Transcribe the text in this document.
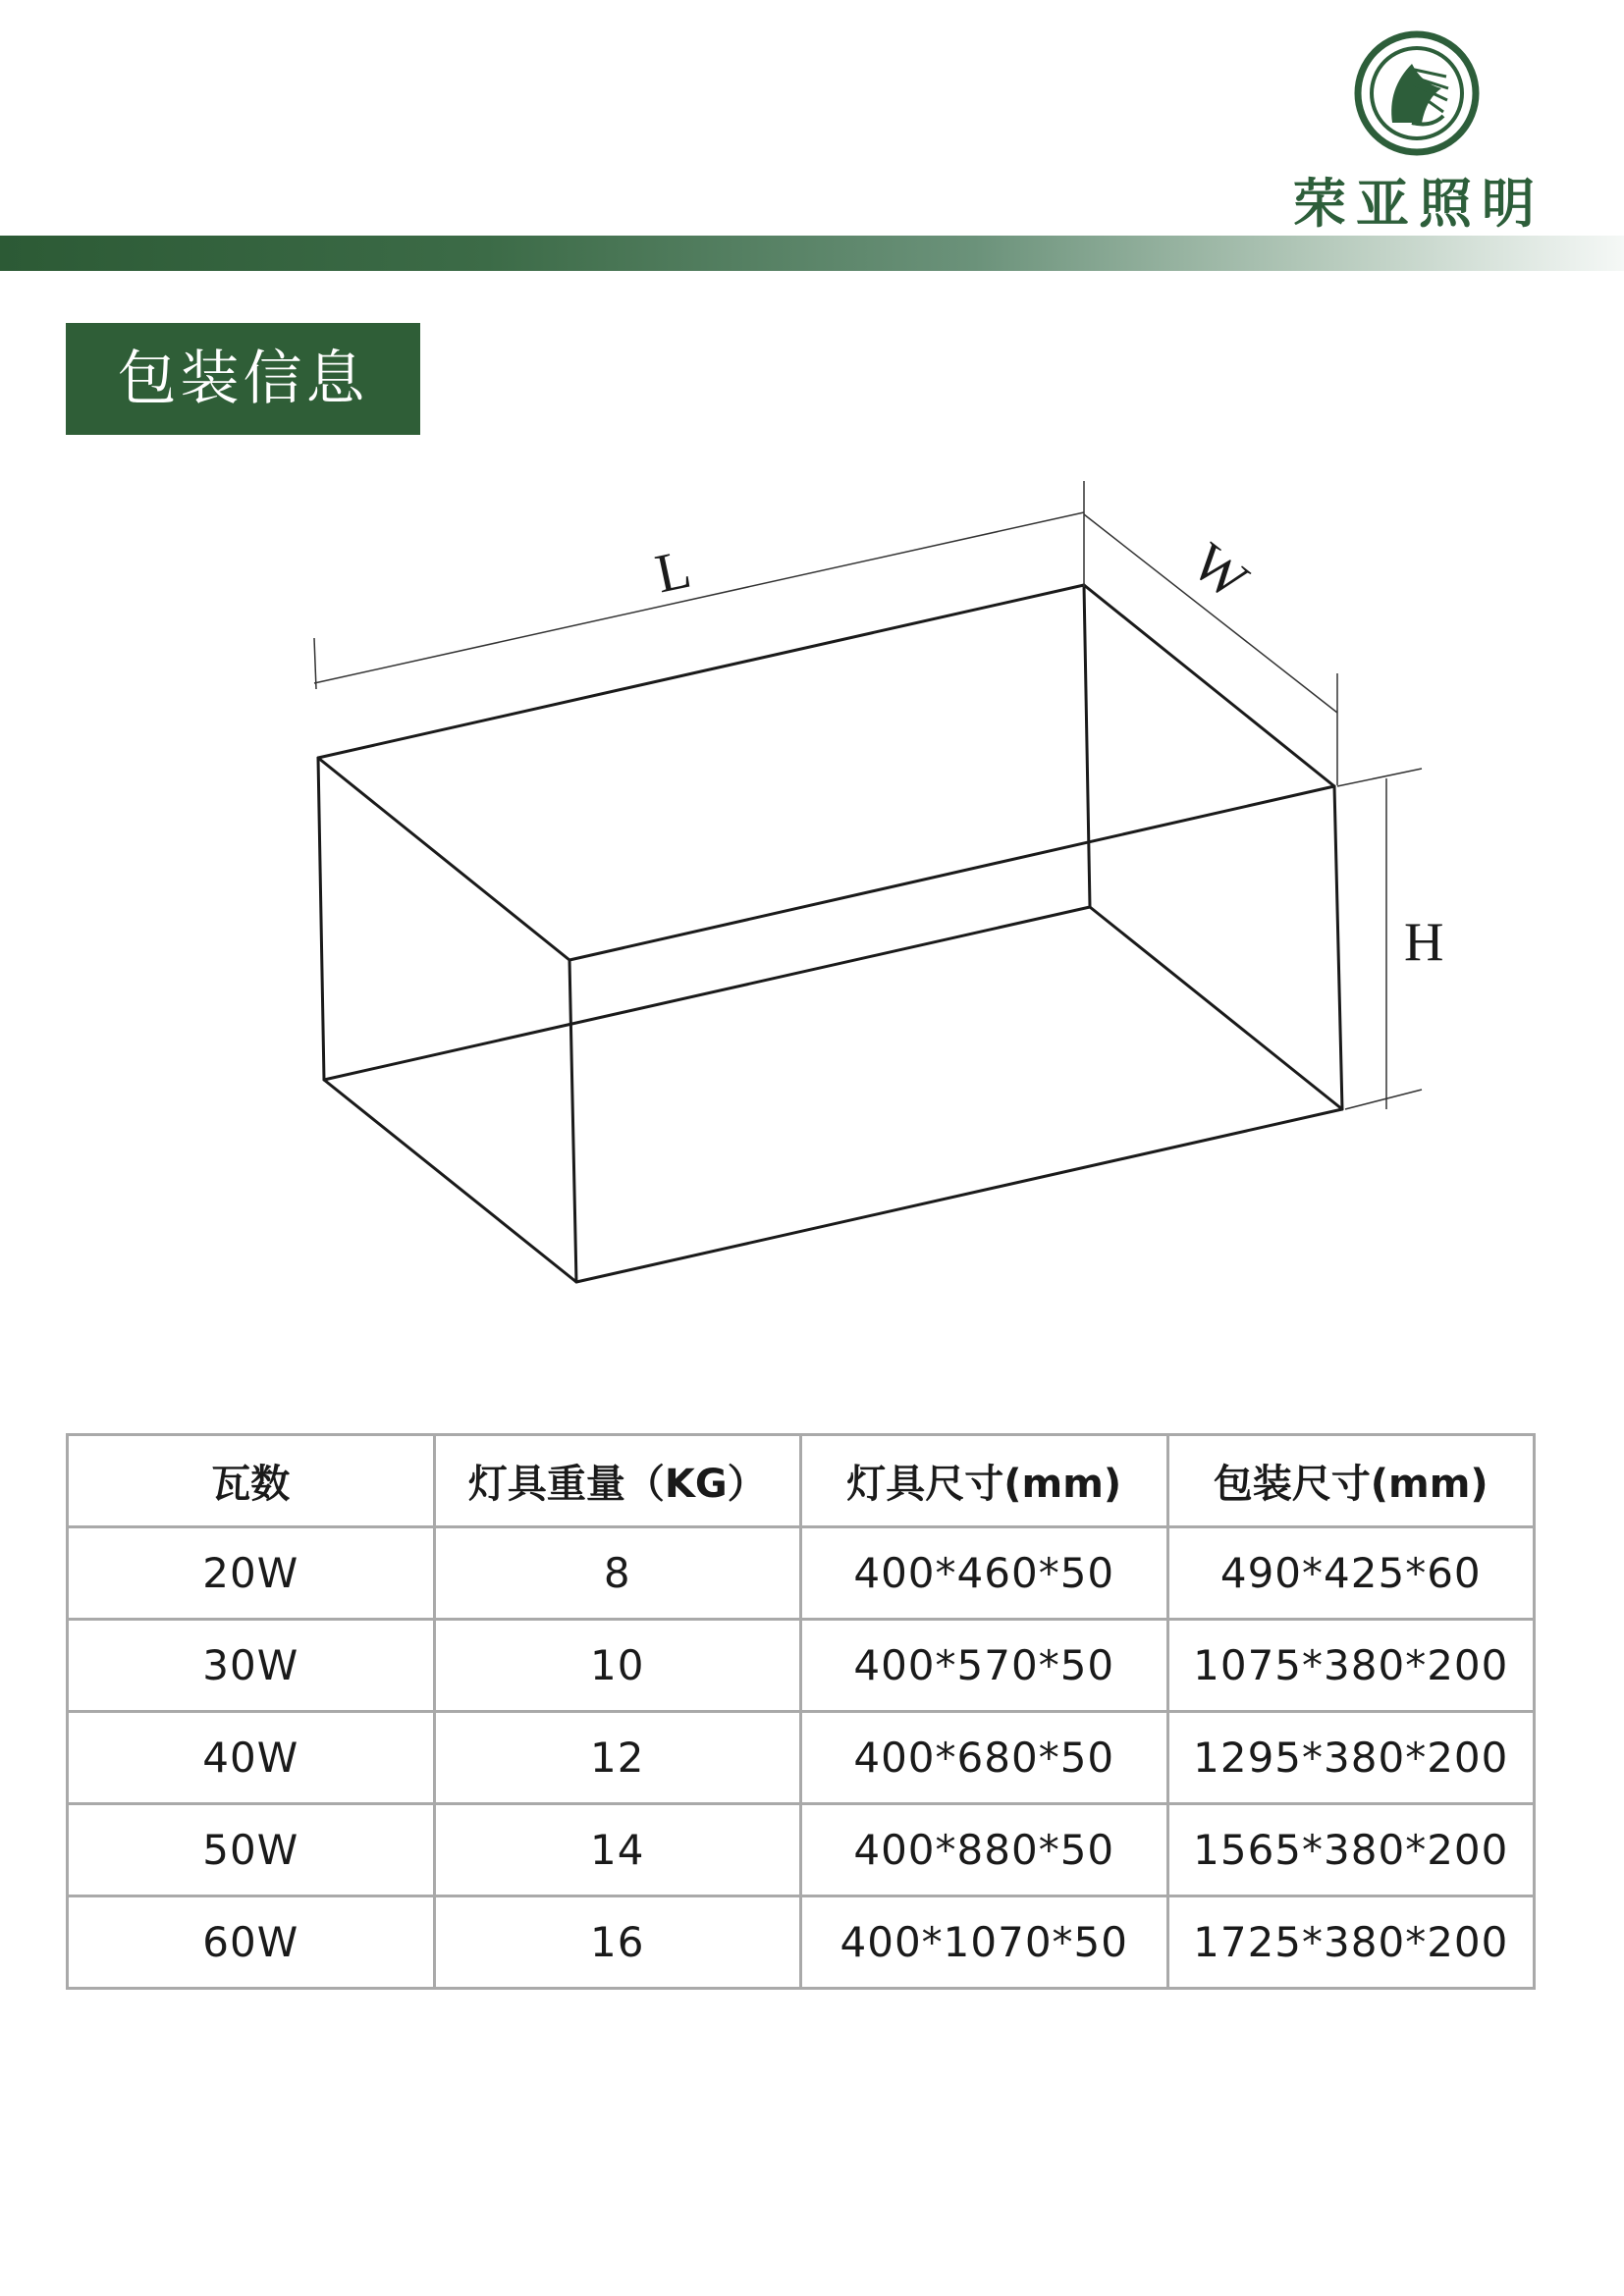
荣亚照明
包装信息
L	W
H
瓦数	灯具重量（KG）	灯具尺寸(mm)	包装尺寸(mm)
20W	8	400*460*50	490*425*60
30W	10	400*570*50	1075*380*200
40W	12	400*680*50	1295*380*200
50W	14	400*880*50	1565*380*200
60W	16	400*1070*50	1725*380*200
